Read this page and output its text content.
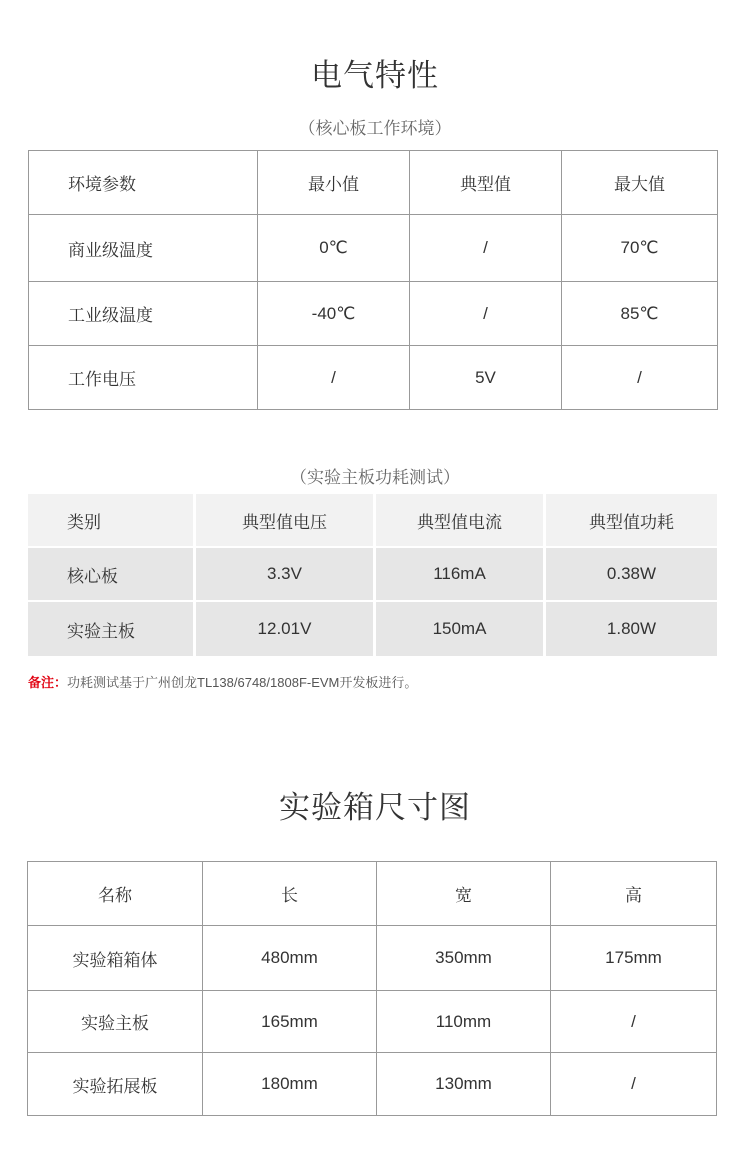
电气特性
（核心板工作环境）
环境参数	最小值	典型值	最大值
商业级温度	0℃	/	70℃
工业级温度	-40℃	/	85℃
工作电压	/	5V	/
（实验主板功耗测试）
类别	典型值电压	典型值电流	典型值功耗
核心板	3.3V	116mA	0.38W
实验主板	12.01V	150mA	1.80W
备注：功耗测试基于广州创龙TL138/6748/1808F-EVM开发板进行。
实验箱尺寸图
名称	长	宽	高
实验箱箱体	480mm	350mm	175mm
实验主板	165mm	110mm	/
实验拓展板	180mm	130mm	/
